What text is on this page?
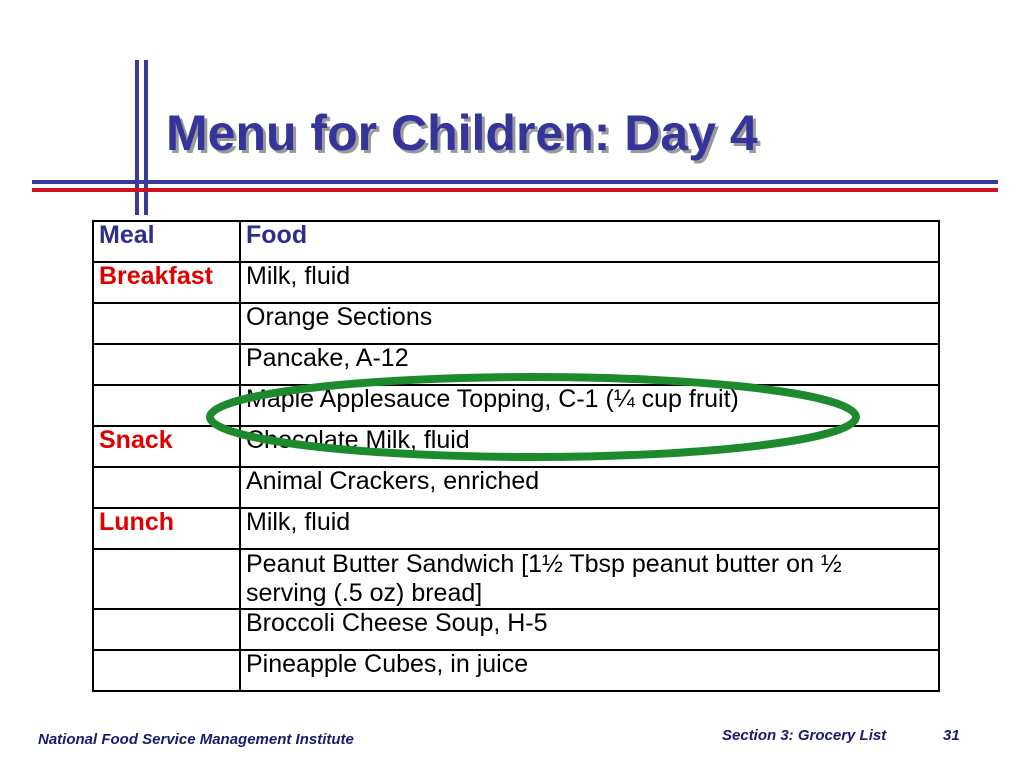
Menu for Children: Day 4
Meal	Food
Breakfast	Milk, fluid
	Orange Sections
	Pancake, A-12
	Maple Applesauce Topping, C-1 (¼ cup fruit)
Snack	Chocolate Milk, fluid
	Animal Crackers, enriched
Lunch	Milk, fluid

	Peanut Butter Sandwich [1½ Tbsp peanut butter on ½
serving (.5 oz) bread]

	Broccoli Cheese Soup, H-5
	Pineapple Cubes, in juice
National Food Service Management Institute	Section 3: Grocery List	31
